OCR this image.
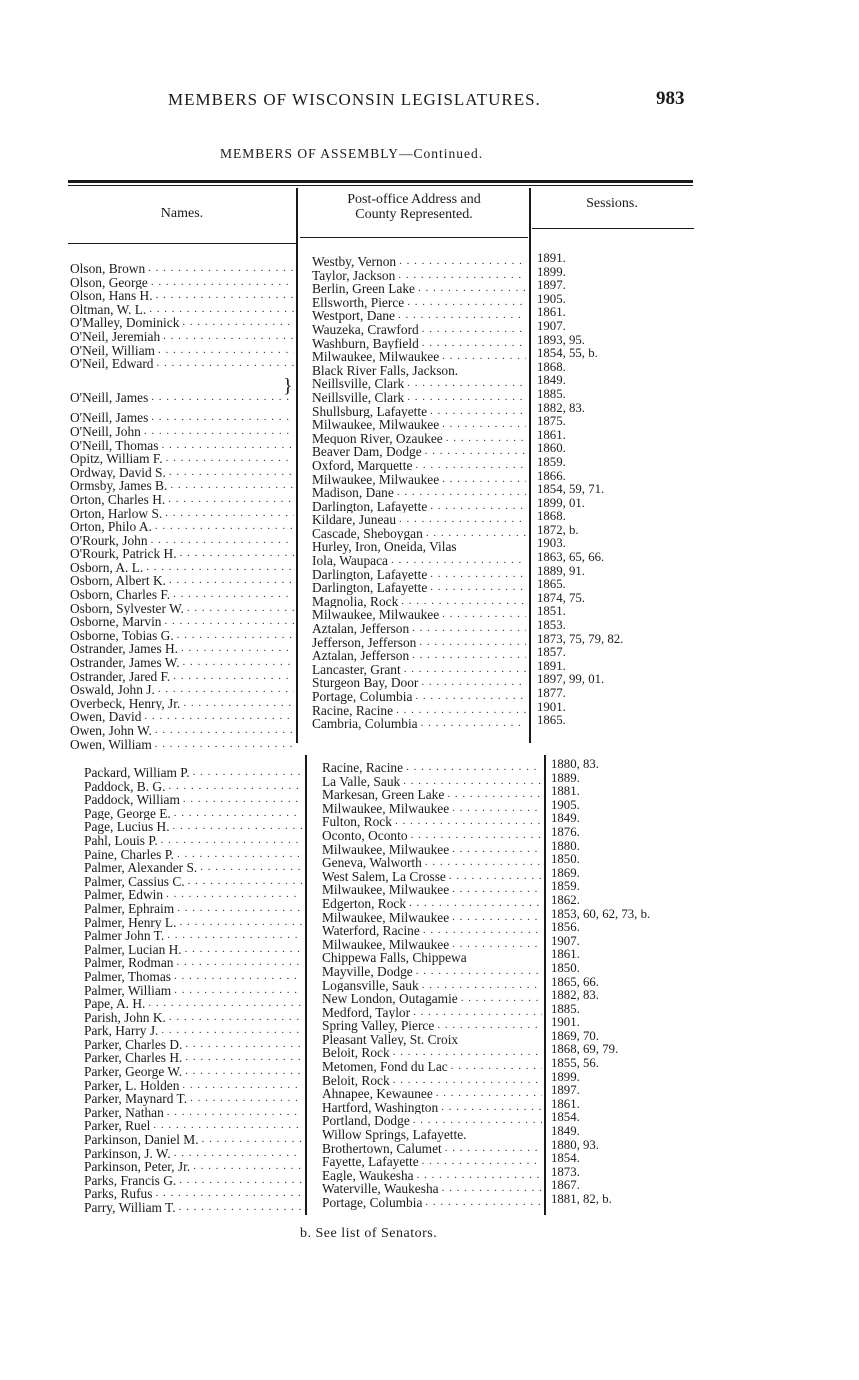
MEMBERS OF WISCONSIN LEGISLATURES.	983
MEMBERS OF ASSEMBLY—Continued.
Names.
Post-office Address and
County Represented.
Sessions.
Olson, Brown
. . .
Olson, George
. . .
Olson, Hans H.
. . .
Oltman, W. L.
. . .
O'Malley, Dominick
. . .
O'Neil, Jeremiah
. . .
O'Neil, William
. . .
O'Neil, Edward
. . .
O'Neill, James
. . .
O'Neill, James
. . .
O'Neill, John
. . .
O'Neill, Thomas
. . .
Opitz, William F.
. . .
Ordway, David S.
. . .
Ormsby, James B.
. . .
Orton, Charles H.
. . .
Orton, Harlow S.
. . .
Orton, Philo A.
. . .
O'Rourk, John
. . .
O'Rourk, Patrick H.
. . .
Osborn, A. L.
. . .
Osborn, Albert K.
. . .
Osborn, Charles F.
. . .
Osborn, Sylvester W.
. . .
Osborne, Marvin
. . .
Osborne, Tobias G.
. . .
Ostrander, James H.
. . .
Ostrander, James W.
. . .
Ostrander, Jared F.
. . .
Oswald, John J.
. . .
Overbeck, Henry, Jr.
. . .
Owen, David
. . .
Owen, John W.
. . .
Owen, William
. . .
}
Westby, Vernon
. . .
Taylor, Jackson
. . .
Berlin, Green Lake
. . .
Ellsworth, Pierce
. . .
Westport, Dane
. . .
Wauzeka, Crawford
. . .
Washburn, Bayfield
. . .
Milwaukee, Milwaukee
. . .
Black River Falls, Jackson.
Neillsville, Clark
. . .
Neillsville, Clark
. . .
Shullsburg, Lafayette
. . .
Milwaukee, Milwaukee
. . .
Mequon River, Ozaukee
. . .
Beaver Dam, Dodge
. . .
Oxford, Marquette
. . .
Milwaukee, Milwaukee
. . .
Madison, Dane
. . .
Darlington, Lafayette
. . .
Kildare, Juneau
. . .
Cascade, Sheboygan
. . .
Hurley, Iron, Oneida, Vilas
Iola, Waupaca
. . .
Darlington, Lafayette
. . .
Darlington, Lafayette
. . .
Magnolia, Rock
. . .
Milwaukee, Milwaukee
. . .
Aztalan, Jefferson
. . .
Jefferson, Jefferson
. . .
Aztalan, Jefferson
. . .
Lancaster, Grant
. . .
Sturgeon Bay, Door
. . .
Portage, Columbia
. . .
Racine, Racine
. . .
Cambria, Columbia
. . .
1891.
1899.
1897.
1905.
1861.
1907.
1893, 95.
1854, 55, b.
1868.
1849.
1885.
1882, 83.
1875.
1861.
1860.
1859.
1866.
1854, 59, 71.
1899, 01.
1868.
1872, b.
1903.
1863, 65, 66.
1889, 91.
1865.
1874, 75.
1851.
1853.
1873, 75, 79, 82.
1857.
1891.
1897, 99, 01.
1877.
1901.
1865.
Packard, William P.
. . .
Paddock, B. G.
. . .
Paddock, William
. . .
Page, George E.
. . .
Page, Lucius H.
. . .
Pahl, Louis P.
. . .
Paine, Charles P.
. . .
Palmer, Alexander S.
. . .
Palmer, Cassius C.
. . .
Palmer, Edwin
. . .
Palmer, Ephraim
. . .
Palmer, Henry L.
. . .
Palmer John T.
. . .
Palmer, Lucian H.
. . .
Palmer, Rodman
. . .
Palmer, Thomas
. . .
Palmer, William
. . .
Pape, A. H.
. . .
Parish, John K.
. . .
Park, Harry J.
. . .
Parker, Charles D.
. . .
Parker, Charles H.
. . .
Parker, George W.
. . .
Parker, L. Holden
. . .
Parker, Maynard T.
. . .
Parker, Nathan
. . .
Parker, Ruel
. . .
Parkinson, Daniel M.
. . .
Parkinson, J. W.
. . .
Parkinson, Peter, Jr.
. . .
Parks, Francis G.
. . .
Parks, Rufus
. . .
Parry, William T.
. . .
Racine, Racine
. . .
La Valle, Sauk
. . .
Markesan, Green Lake
. . .
Milwaukee, Milwaukee
. . .
Fulton, Rock
. . .
Oconto, Oconto
. . .
Milwaukee, Milwaukee
. . .
Geneva, Walworth
. . .
West Salem, La Crosse
. . .
Milwaukee, Milwaukee
. . .
Edgerton, Rock
. . .
Milwaukee, Milwaukee
. . .
Waterford, Racine
. . .
Milwaukee, Milwaukee
. . .
Chippewa Falls, Chippewa
Mayville, Dodge
. . .
Logansville, Sauk
. . .
New London, Outagamie
. . .
Medford, Taylor
. . .
Spring Valley, Pierce
. . .
Pleasant Valley, St. Croix
Beloit, Rock
. . .
Metomen, Fond du Lac
. . .
Beloit, Rock
. . .
Ahnapee, Kewaunee
. . .
Hartford, Washington
. . .
Portland, Dodge
. . .
Willow Springs, Lafayette.
Brothertown, Calumet
. . .
Fayette, Lafayette
. . .
Eagle, Waukesha
. . .
Waterville, Waukesha
. . .
Portage, Columbia
. . .
1880, 83.
1889.
1881.
1905.
1849.
1876.
1880.
1850.
1869.
1859.
1862.
1853, 60, 62, 73, b.
1856.
1907.
1861.
1850.
1865, 66.
1882, 83.
1885.
1901.
1869, 70.
1868, 69, 79.
1855, 56.
1899.
1897.
1861.
1854.
1849.
1880, 93.
1854.
1873.
1867.
1881, 82, b.
b. See list of Senators.
